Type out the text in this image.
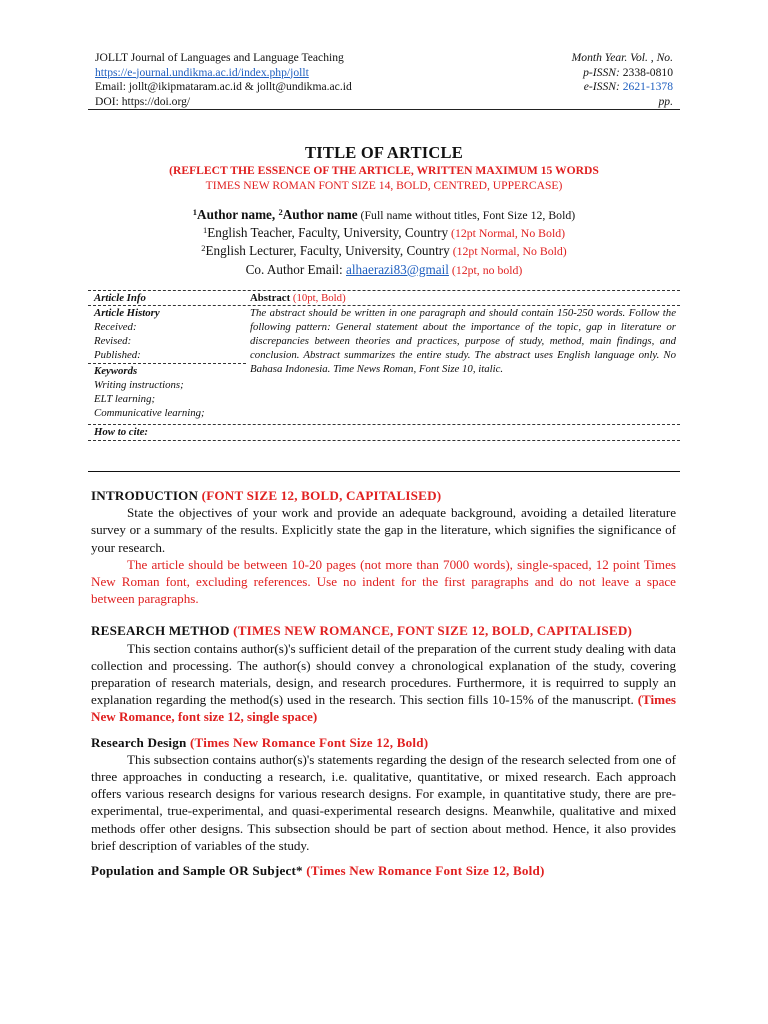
JOLLT Journal of Languages and Language Teaching	Month Year. Vol. , No.
https://e-journal.undikma.ac.id/index.php/jollt	p-ISSN: 2338-0810
Email: jollt@ikipmataram.ac.id & jollt@undikma.ac.id	e-ISSN: 2621-1378
DOI: https://doi.org/	pp.
TITLE OF ARTICLE
(REFLECT THE ESSENCE OF THE ARTICLE, WRITTEN MAXIMUM 15 WORDS
TIMES NEW ROMAN FONT SIZE 14, BOLD, CENTRED, UPPERCASE)
$^1$Author name, $^2$Author name (Full name without titles, Font Size 12, Bold)
$^1$English Teacher, Faculty, University, Country (12pt Normal, No Bold)
$^2$English Lecturer, Faculty, University, Country (12pt Normal, No Bold)
Co. Author Email: alhaerazi83@gmail (12pt, no bold)
Article Info	Abstract (10pt, Bold)
Article History
Received:
Revised:
Published:
The abstract should be written in one paragraph and should contain 150-250 words. Follow the following pattern: General statement about the importance of the topic, gap in literature or discrepancies between theories and practices, purpose of study, method, main findings, and conclusion. Abstract summarizes the entire study. The abstract uses English language only. No Bahasa Indonesia. Time News Roman, Font Size 10, italic.
Keywords
Writing instructions;
ELT learning;
Communicative learning;
How to cite:
INTRODUCTION (FONT SIZE 12, BOLD, CAPITALISED)

State the objectives of your work and provide an adequate background, avoiding a detailed literature survey or a summary of the results. Explicitly state the gap in the literature, which signifies the significance of your research.

The article should be between 10-20 pages (not more than 7000 words), single-spaced, 12 point Times New Roman font, excluding references. Use no indent for the first paragraphs and do not leave a space between paragraphs.

RESEARCH METHOD (TIMES NEW ROMANCE, FONT SIZE 12, BOLD, CAPITALISED)

This section contains author(s)'s sufficient detail of the preparation of the current study dealing with data collection and processing. The author(s) should convey a chronological explanation of the study, covering preparation of research materials, design, and research procedures. Furthermore, it is requirred to supply an explanation regarding the method(s) used in the research. This section fills 10-15% of the manuscript. (Times New Romance, font size 12, single space)

Research Design (Times New Romance Font Size 12, Bold)

This subsection contains author(s)'s statements regarding the design of the research selected from one of three approaches in conducting a research, i.e. qualitative, quantitative, or mixed research. Each approach offers various research designs for various research designs. For example, in quantitative study, there are pre-experimental, true-experimental, and quasi-experimental research designs. Meanwhile, qualitative and mixed methods offer other designs. This subsection should be part of section about method. Hence, it also provides brief description of variables of the study.

Population and Sample OR Subject* (Times New Romance Font Size 12, Bold)
